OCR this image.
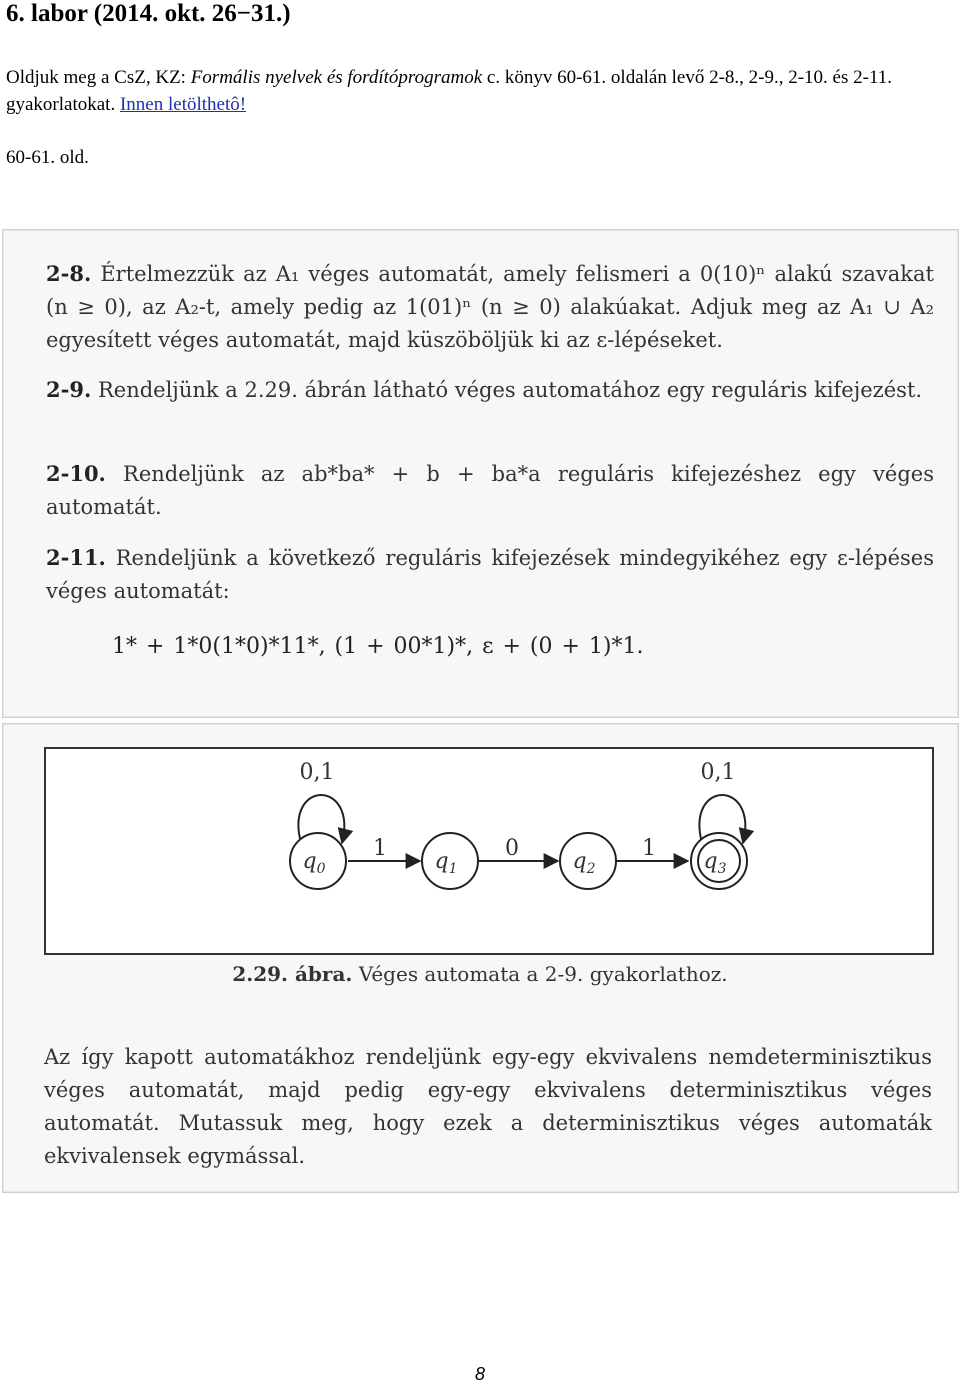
6. labor (2014. okt. 26−31.)
Oldjuk meg a CsZ, KZ: Formális nyelvek és fordítóprogramok c. könyv 60-61. oldalán levő 2-8., 2-9., 2-10. és 2-11. gyakorlatokat. Innen letölthetô!
60-61. old.
2-8. Értelmezzük az A₁ véges automatát, amely felismeri a 0(10)ⁿ alakú szavakat (n ≥ 0), az A₂-t, amely pedig az 1(01)ⁿ (n ≥ 0) alakúakat. Adjuk meg az A₁ ∪ A₂ egyesített véges automatát, majd küszöböljük ki az ε-lépéseket.
2-9. Rendeljünk a 2.29. ábrán látható véges automatához egy reguláris kifejezést.
2-10. Rendeljünk az ab*ba* + b + ba*a reguláris kifejezéshez egy véges automatát.
2-11. Rendeljünk a következő reguláris kifejezések mindegyikéhez egy ε-lépéses véges automatát:
1* + 1*0(1*0)*11*, (1 + 00*1)*, ε + (0 + 1)*1.
0,1	0,1
1	0	1
$q_0$	$q_1$	$q_2$	$q_3$
2.29. ábra. Véges automata a 2-9. gyakorlathoz.
Az így kapott automatákhoz rendeljünk egy-egy ekvivalens nemdeterminisztikus véges automatát, majd pedig egy-egy ekvivalens determinisztikus véges automatát. Mutassuk meg, hogy ezek a determinisztikus véges automaták ekvivalensek egymással.
8
